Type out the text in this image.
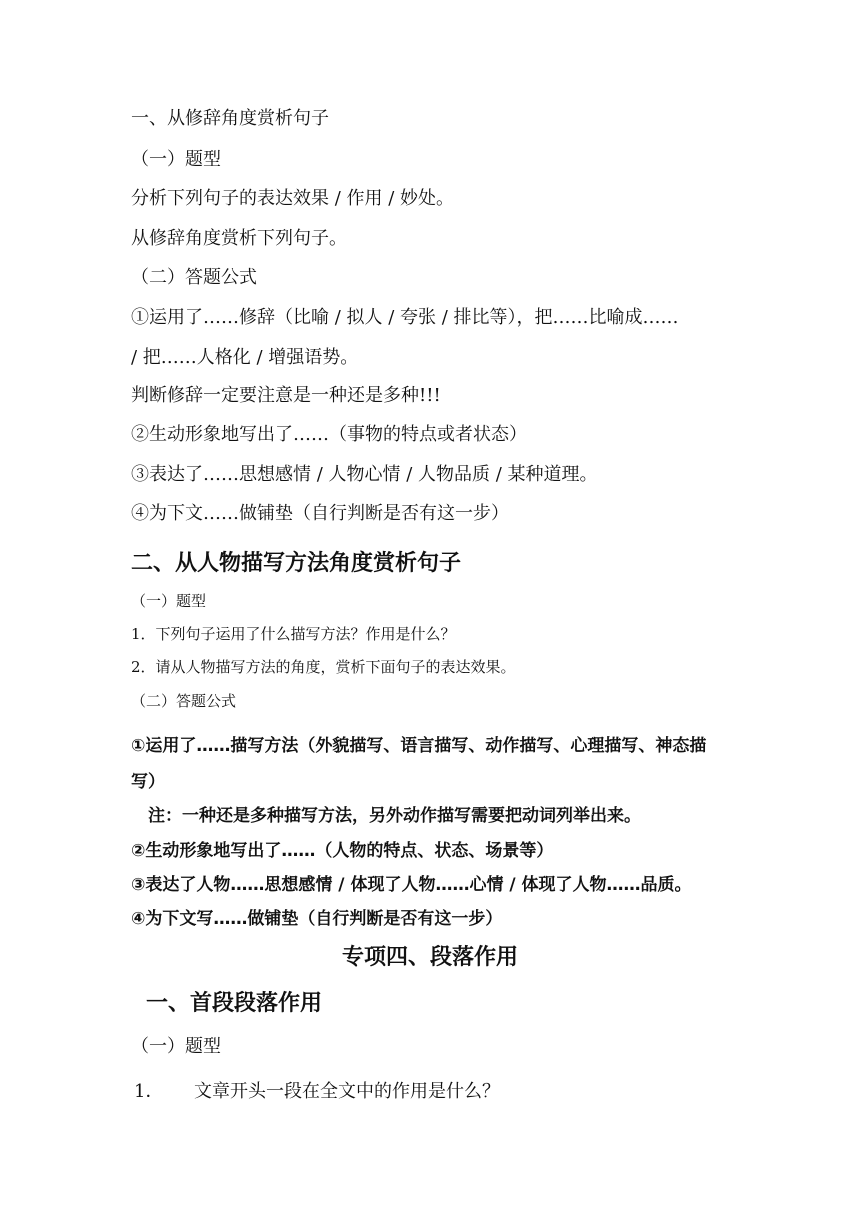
一、从修辞角度赏析句子

（一）题型

分析下列句子的表达效果 / 作用 / 妙处。

从修辞角度赏析下列句子。

（二）答题公式

①运用了……修辞（比喻 / 拟人 / 夸张 / 排比等），把……比喻成……

/ 把……人格化 / 增强语势。

判断修辞一定要注意是一种还是多种!!!

②生动形象地写出了……（事物的特点或者状态）

③表达了……思想感情 / 人物心情 / 人物品质 / 某种道理。

④为下文……做铺垫（自行判断是否有这一步）

二、从人物描写方法角度赏析句子

（一）题型

1．下列句子运用了什么描写方法？作用是什么？

2．请从人物描写方法的角度，赏析下面句子的表达效果。

（二）答题公式

①运用了……描写方法（外貌描写、语言描写、动作描写、心理描写、神态描

写）

注：一种还是多种描写方法，另外动作描写需要把动词列举出来。

②生动形象地写出了……（人物的特点、状态、场景等）

③表达了人物……思想感情 / 体现了人物……心情 / 体现了人物……品质。

④为下文写……做铺垫（自行判断是否有这一步）

专项四、段落作用

一、首段段落作用

（一）题型

1． 文章开头一段在全文中的作用是什么？
